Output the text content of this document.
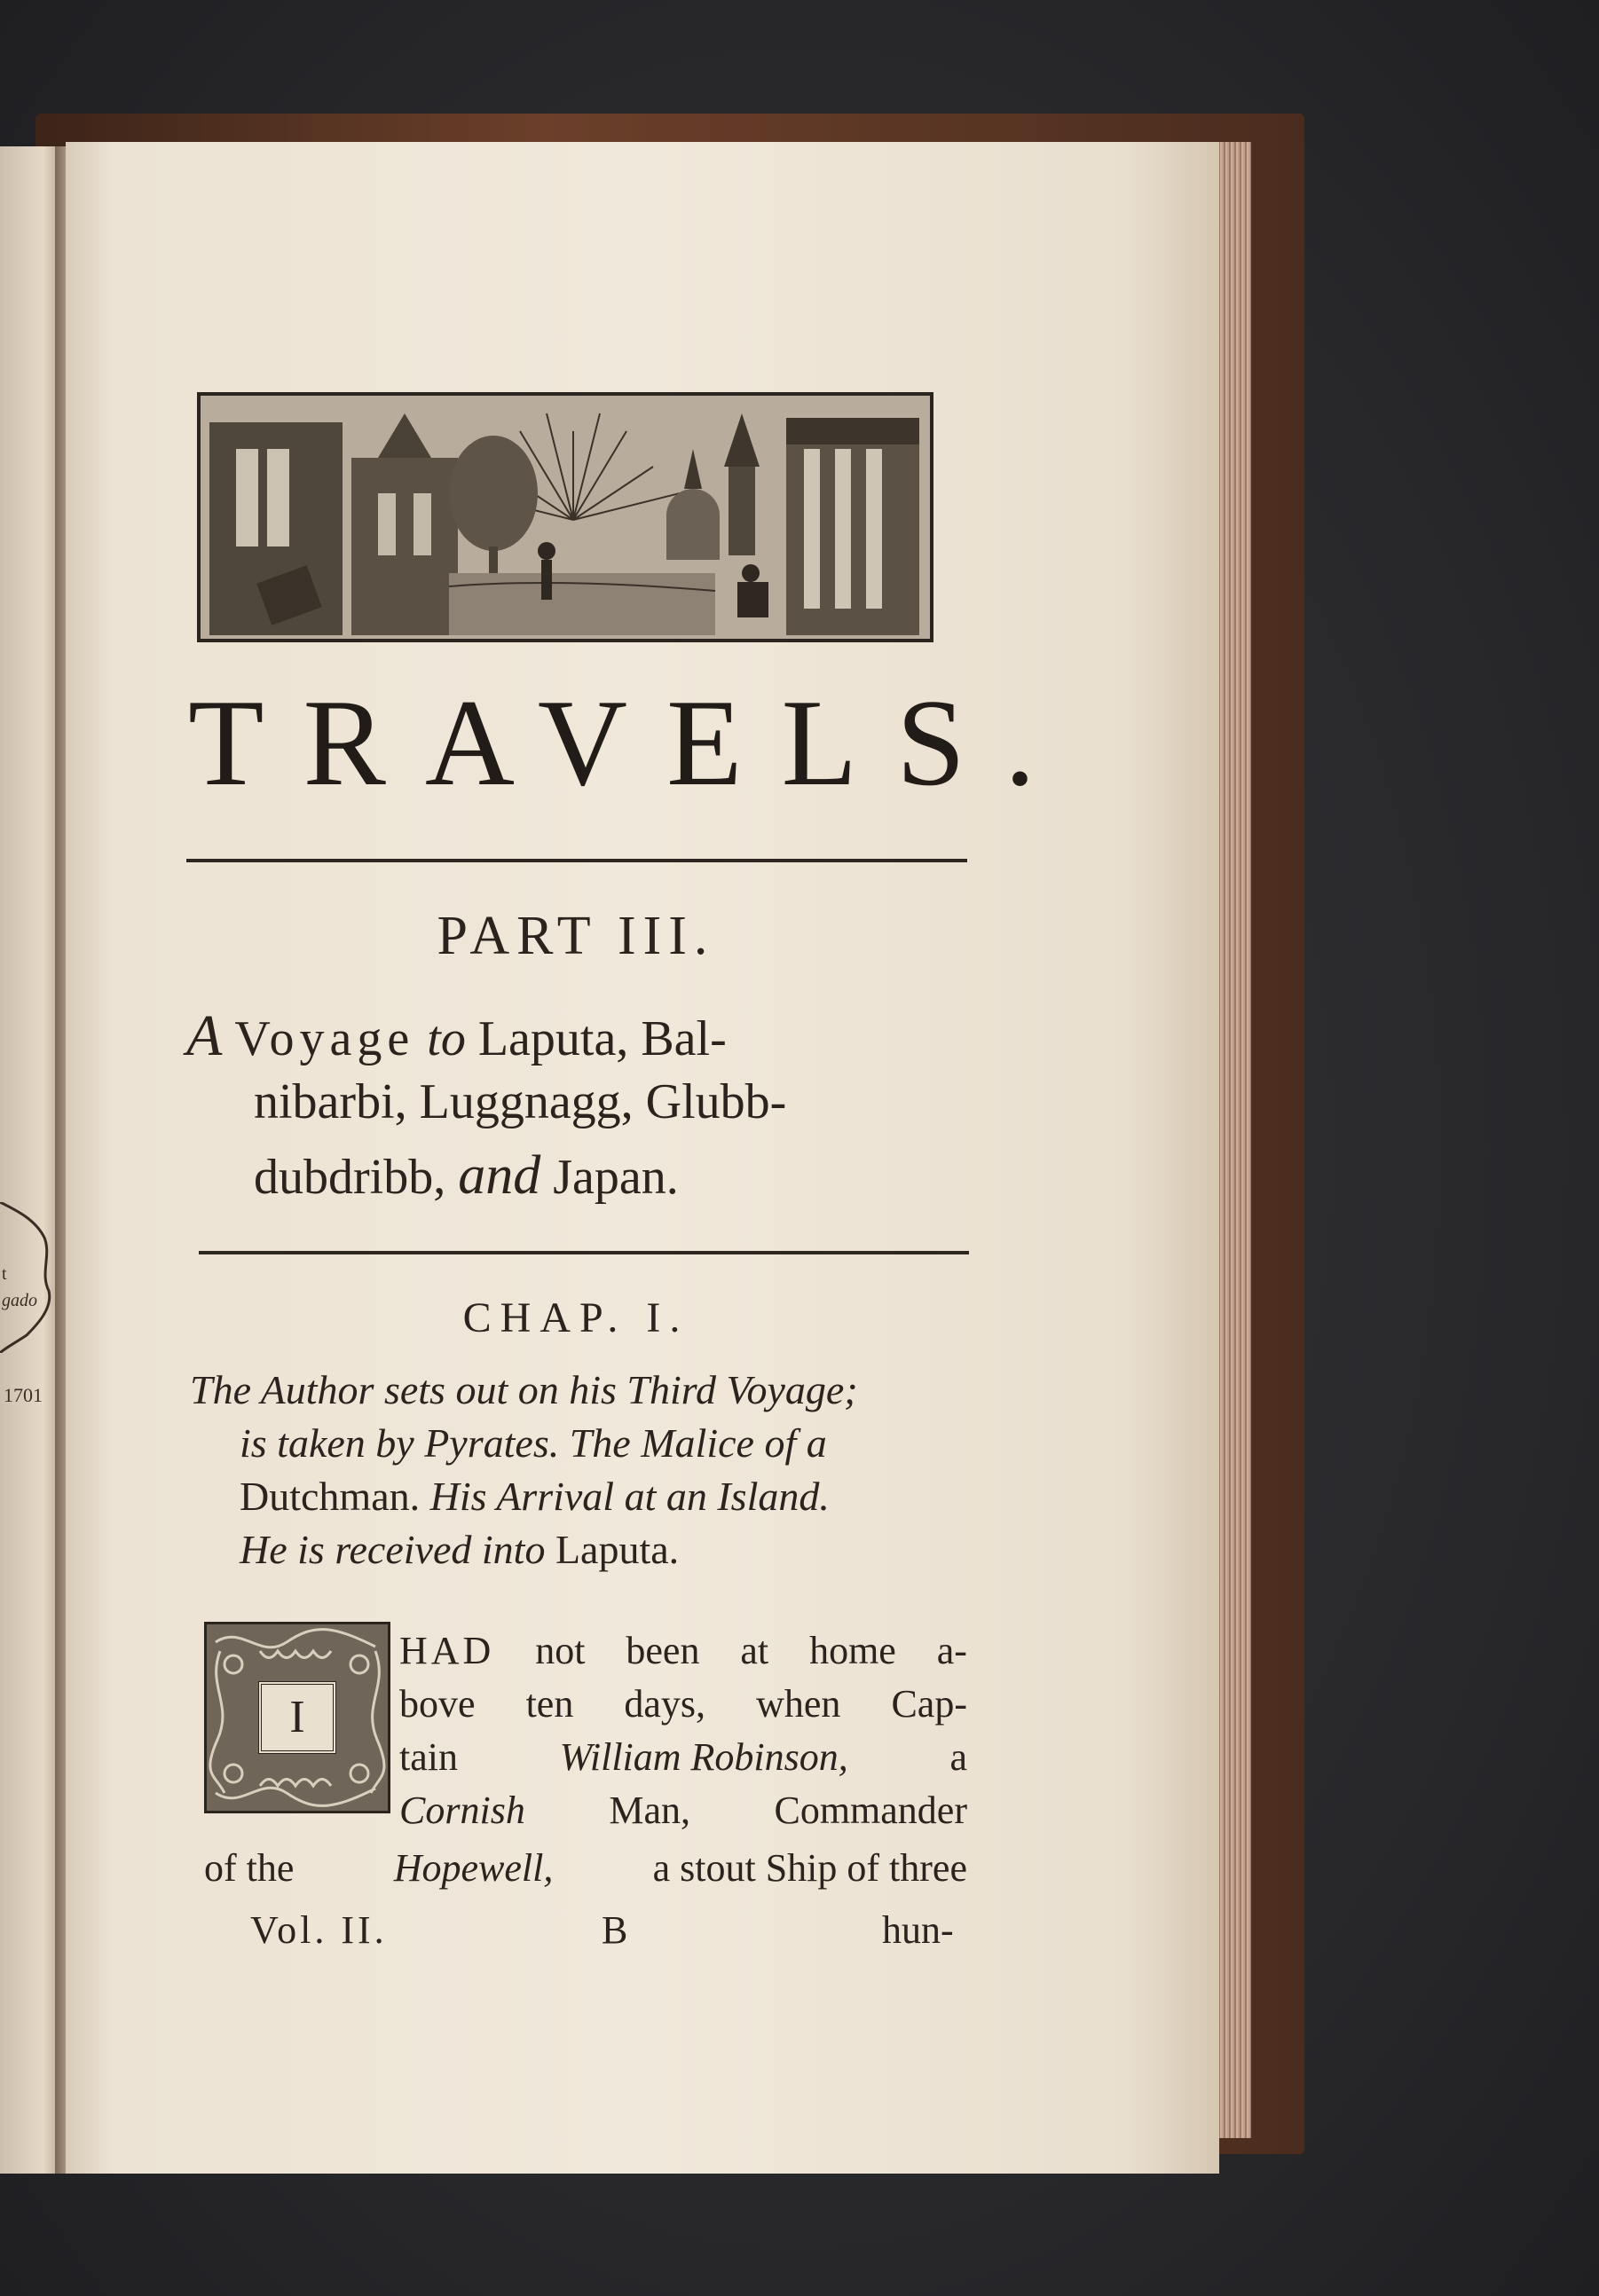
t
gado
1701
TRAVELS.
PART III.
A Voyage to Laputa, Bal-
nibarbi, Luggnagg, Glubb-
dubdribb, and Japan.
CHAP. I.
The Author sets out on his Third Voyage;
is taken by Pyrates. The Malice of a
Dutchman. His Arrival at an Island.
He is received into Laputa.
I
HAD not been at home a-
bove ten days, when Cap-
tain	William Robinson,	a
Cornish Man, Commander
of the	Hopewell,	a stout Ship of three
Vol. II.	B	hun-
